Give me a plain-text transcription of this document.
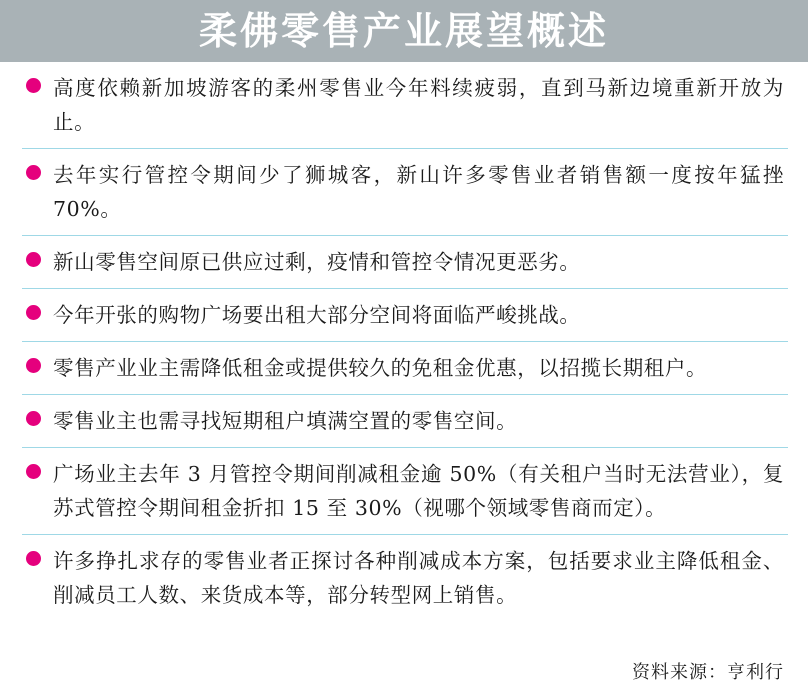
柔佛零售产业展望概述
高度依赖新加坡游客的柔州零售业今年料续疲弱，直到马新边境重新开放为止。
去年实行管控令期间少了狮城客，新山许多零售业者销售额一度按年猛挫 70%。
新山零售空间原已供应过剩，疫情和管控令情况更恶劣。
今年开张的购物广场要出租大部分空间将面临严峻挑战。
零售产业业主需降低租金或提供较久的免租金优惠，以招揽长期租户。
零售业主也需寻找短期租户填满空置的零售空间。
广场业主去年 3 月管控令期间削减租金逾 50%（有关租户当时无法营业），复苏式管控令期间租金折扣 15 至 30%（视哪个领域零售商而定）。
许多挣扎求存的零售业者正探讨各种削减成本方案，包括要求业主降低租金、削减员工人数、来货成本等，部分转型网上销售。
资料来源：亨利行
